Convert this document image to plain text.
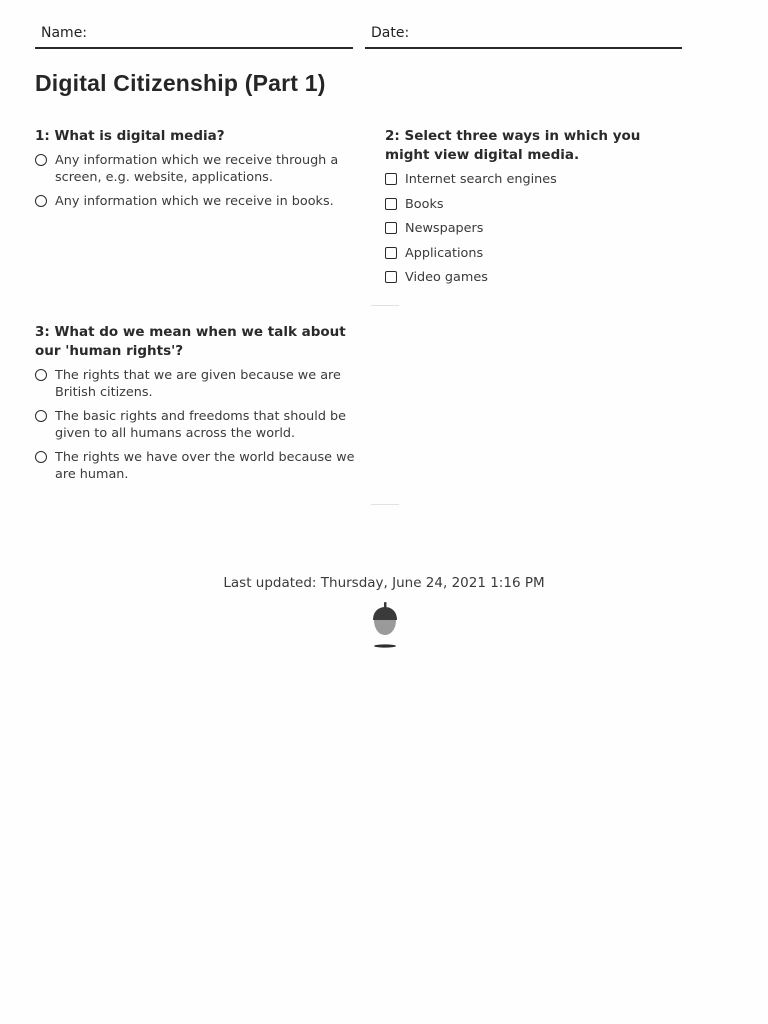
Name:	Date:
Digital Citizenship (Part 1)
1: What is digital media?
Any information which we receive through a screen, e.g. website, applications.
Any information which we receive in books.
2: Select three ways in which you might view digital media.
Internet search engines
Books
Newspapers
Applications
Video games
3: What do we mean when we talk about our 'human rights'?
The rights that we are given because we are British citizens.
The basic rights and freedoms that should be given to all humans across the world.
The rights we have over the world because we are human.
Last updated: Thursday, June 24, 2021 1:16 PM
